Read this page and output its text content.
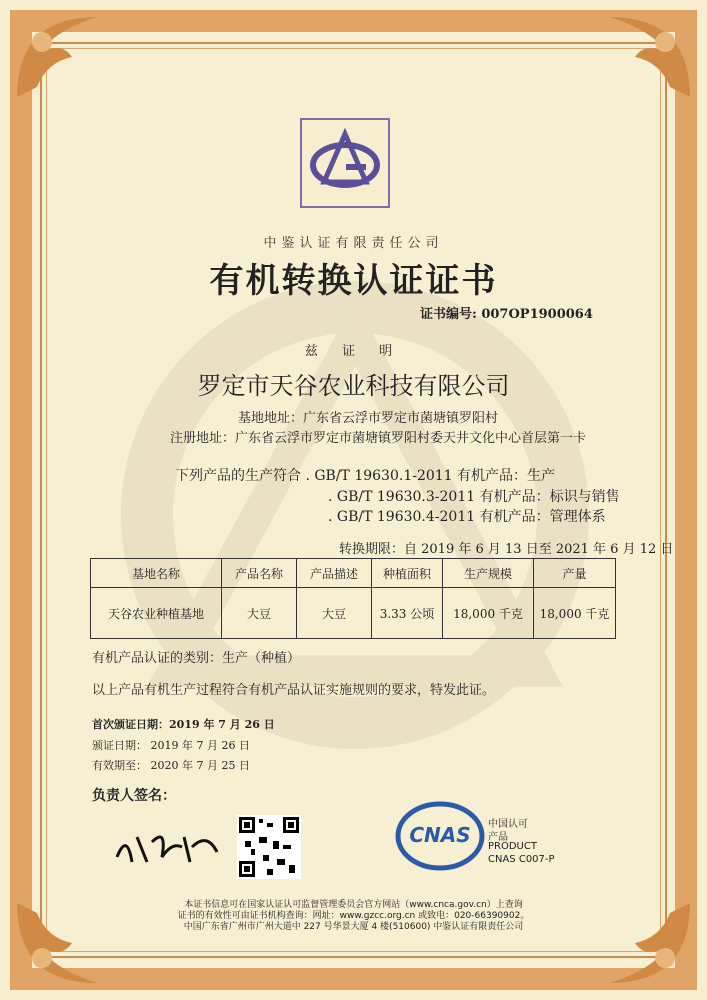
中鉴认证有限责任公司
有机转换认证证书
证书编号: 007OP1900064
兹 证 明
罗定市天谷农业科技有限公司
基地地址：广东省云浮市罗定市菌塘镇罗阳村
注册地址：广东省云浮市罗定市菌塘镇罗阳村委天井文化中心首层第一卡
下列产品的生产符合 . GB/T 19630.1-2011 有机产品：生产
. GB/T 19630.3-2011 有机产品：标识与销售
. GB/T 19630.4-2011 有机产品：管理体系
转换期限：自 2019 年 6 月 13 日至 2021 年 6 月 12 日
基地名称	产品名称	产品描述	种植面积	生产规模	产量
天谷农业种植基地	大豆	大豆	3.33 公顷	18,000 千克	18,000 千克
有机产品认证的类别：生产（种植）
以上产品有机生产过程符合有机产品认证实施规则的要求，特发此证。
首次颁证日期：2019 年 7 月 26 日
颁证日期： 2019 年 7 月 26 日
有效期至： 2020 年 7 月 25 日
负责人签名：
CNAS 中国认可
产品
PRODUCT
CNAS C007-P
本证书信息可在国家认证认可监督管理委员会官方网站（www.cnca.gov.cn）上查询
证书的有效性可由证书机构查询：网址：www.gzcc.org.cn 或致电：020-66390902。
中国广东省广州市广州大道中 227 号华景大厦 4 楼(510600) 中鉴认证有限责任公司
